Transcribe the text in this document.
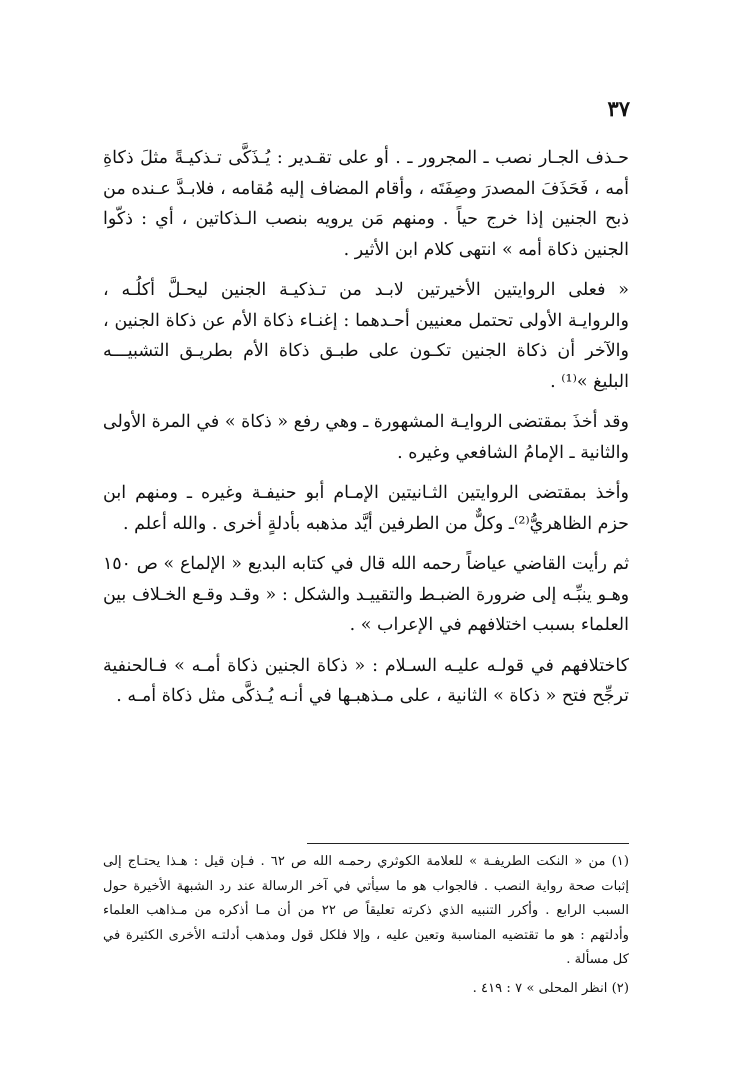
٣٧
حـذف الجـار نصب ـ المجرور ـ . أو على تقـدير : يُـذَكَّى تـذكيـةً مثلَ ذكاةِ
أمه ، فَحَذَفَ المصدرَ وصِفَتَه ، وأقام المضاف إليه مُقامه ، فلابـدَّ عـنده من
ذبح الجنين إذا خرج حياً . ومنهم مَن يرويه بنصب الـذكاتين ، أي : ذكّوا
الجنين ذكاة أمه » انتهى كلام ابن الأثير .
« فعلى الروايتين الأخيرتين لابـد من تـذكيـة الجنين ليحـلَّ أكلُـه ،
والروايـة الأولى تحتمل معنيين أحـدهما : إغنـاء ذكاة الأم عن ذكاة الجنين ،
والآخر أن ذكاة الجنين تكـون على طبـق ذكاة الأم بطريـق التشبيـــه
البليغ »⁽¹⁾ .
وقد أخذَ بمقتضى الروايـة المشهورة ـ وهي رفع « ذكاة » في المرة الأولى
والثانية ـ الإمامُ الشافعي وغيره .
وأخذ بمقتضى الروايتين الثـانيتين الإمـام أبو حنيفـة وغيره ـ ومنهم ابن
حزم الظاهريُّ⁽²⁾ـ وكلٌّ من الطرفين أيَّد مذهبه بأدلةٍ أخرى . والله أعلم .
ثم رأيت القاضي عياضاً رحمه الله قال في كتابه البديع « الإلماع » ص ١٥٠
وهـو ينبِّـه إلى ضرورة الضبـط والتقييـد والشكل : « وقـد وقـع الخـلاف بين
العلماء بسبب اختلافهم في الإعراب » .
كاختلافهم في قولـه عليـه السـلام : « ذكاة الجنين ذكاة أمـه » فـالحنفية
ترجِّح فتح « ذكاة » الثانية ، على مـذهبـها في أنـه يُـذكَّى مثل ذكاة أمـه .
(١) من « النكت الطريفـة » للعلامة الكوثري رحمـه الله ص ٦٢ . فـإن قيل : هـذا يحتـاج إلى
إثبات صحة رواية النصب . فالجواب هو ما سيأتي في آخر الرسالة عند رد الشبهة الأخيرة حول
السبب الرابع . وأكرر التنبيه الذي ذكرته تعليقاً ص ٢٢ من أن مـا أذكره من مـذاهب العلماء
وأدلتهم : هو ما تقتضيه المناسبة وتعين عليه ، وإلا فلكل قول ومذهب أدلتـه الأخرى الكثيرة في
كل مسألة .
(٢) انظر المحلى » ٧ : ٤١٩ .
